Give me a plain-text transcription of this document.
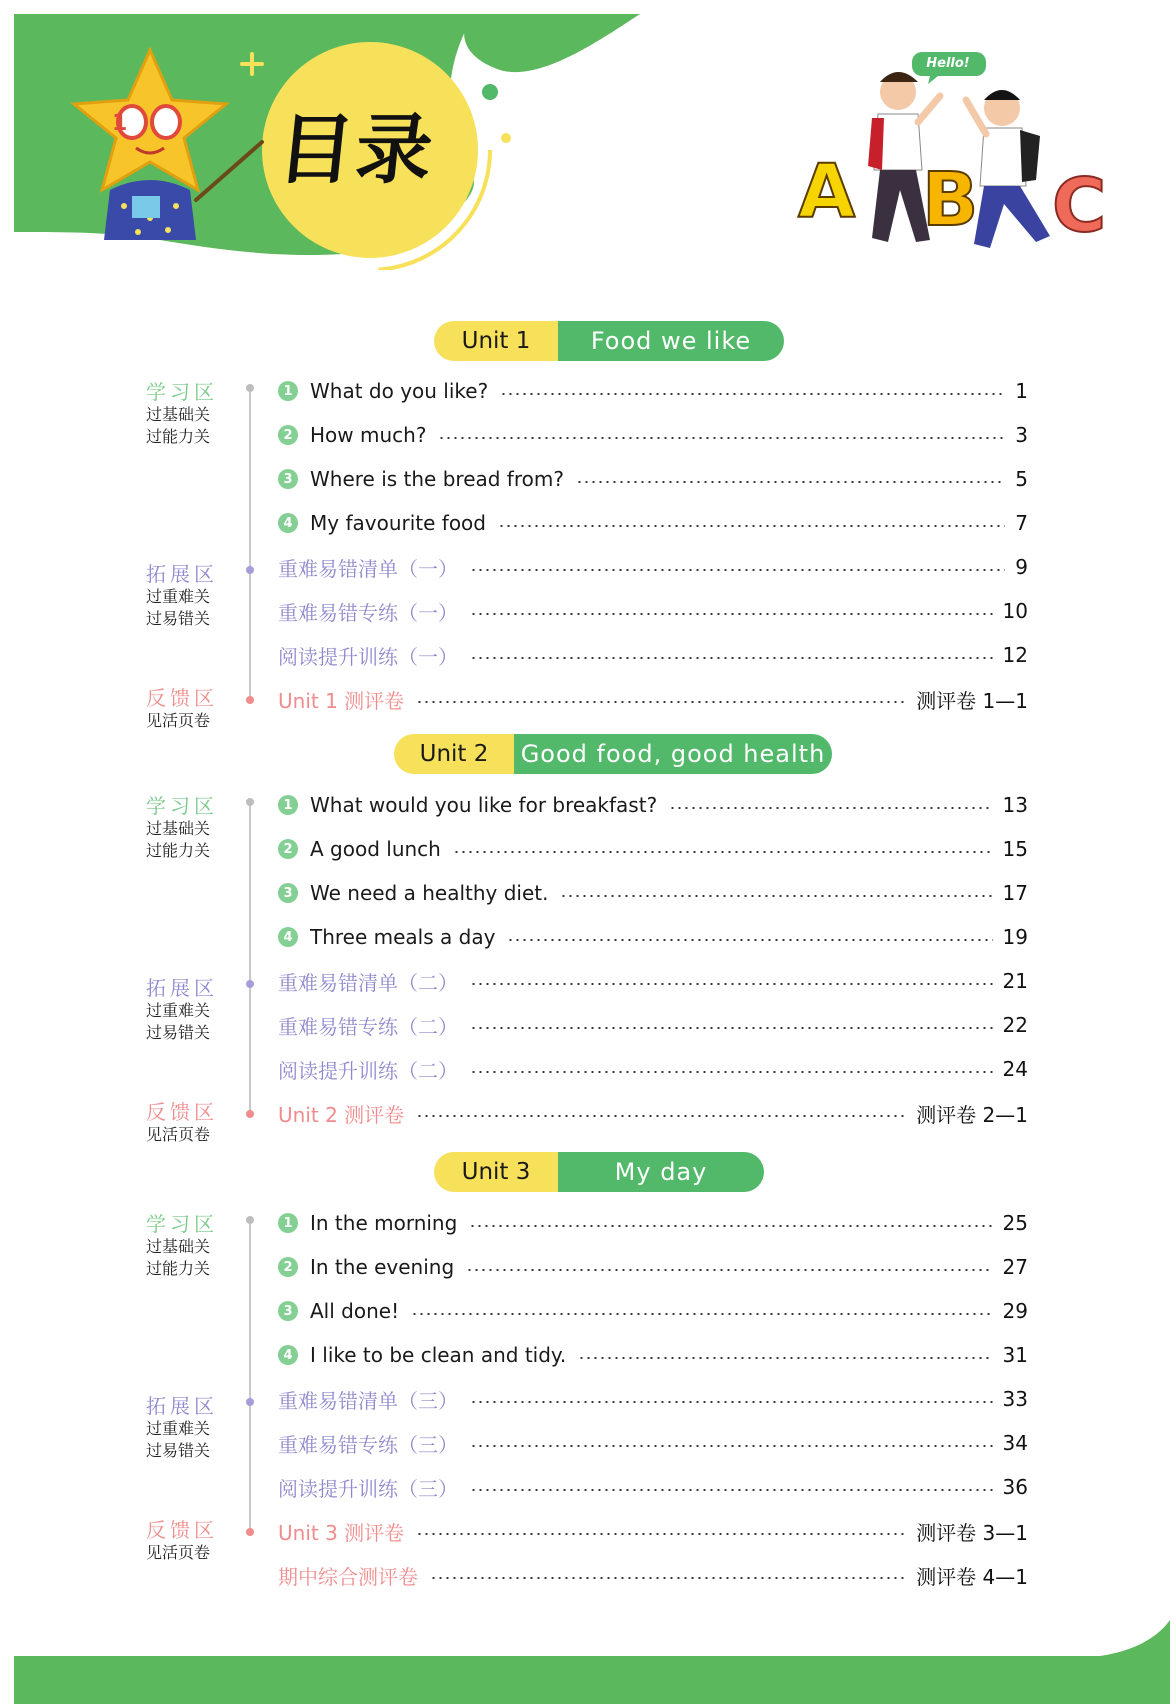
1 目录
Hello!
A B C
Unit 1	Food we like
Unit 2	Good food, good health
Unit 3	My day
学习区
过基础关
过能力关
拓展区
过重难关
过易错关
反馈区
见活页卷
学习区
过基础关
过能力关
拓展区
过重难关
过易错关
反馈区
见活页卷
学习区
过基础关
过能力关
拓展区
过重难关
过易错关
反馈区
见活页卷
1 What do you like?	1
2 How much?	3
3 Where is the bread from?	5
4 My favourite food	7
重难易错清单（一）	9
重难易错专练（一）	10
阅读提升训练（一）	12
Unit 1 测评卷	测评卷 1—1
1 What would you like for breakfast?	13
2 A good lunch	15
3 We need a healthy diet.	17
4 Three meals a day	19
重难易错清单（二）	21
重难易错专练（二）	22
阅读提升训练（二）	24
Unit 2 测评卷	测评卷 2—1
1 In the morning	25
2 In the evening	27
3 All done!	29
4 I like to be clean and tidy.	31
重难易错清单（三）	33
重难易错专练（三）	34
阅读提升训练（三）	36
Unit 3 测评卷	测评卷 3—1
期中综合测评卷	测评卷 4—1
